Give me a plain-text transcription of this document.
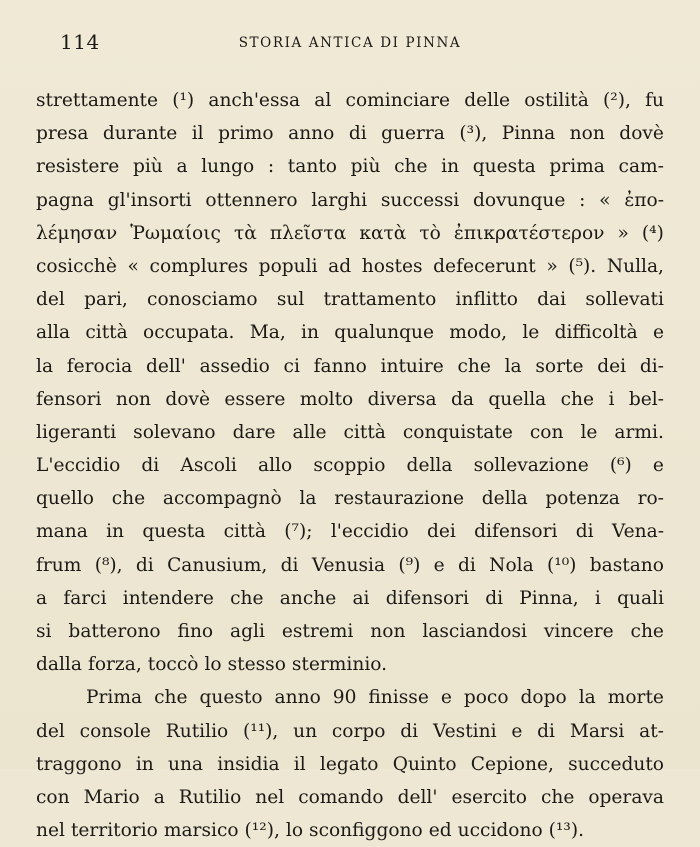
114	STORIA ANTICA DI PINNA
strettamente (¹) anch'essa al cominciare delle ostilità (²), fu
presa durante il primo anno di guerra (³), Pinna non dovè
resistere più a lungo : tanto più che in questa prima cam-
pagna gl'insorti ottennero larghi successi dovunque : « ἐπο-
λέμησαν Ῥωμαίοις τὰ πλεῖστα κατὰ τὸ ἐπικρατέστερον » (⁴)
cosicchè « complures populi ad hostes defecerunt » (⁵). Nulla,
del pari, conosciamo sul trattamento inflitto dai sollevati
alla città occupata. Ma, in qualunque modo, le difficoltà e
la ferocia dell' assedio ci fanno intuire che la sorte dei di-
fensori non dovè essere molto diversa da quella che i bel-
ligeranti solevano dare alle città conquistate con le armi.
L'eccidio di Ascoli allo scoppio della sollevazione (⁶) e
quello che accompagnò la restaurazione della potenza ro-
mana in questa città (⁷); l'eccidio dei difensori di Vena-
frum (⁸), di Canusium, di Venusia (⁹) e di Nola (¹⁰) bastano
a farci intendere che anche ai difensori di Pinna, i quali
si batterono fino agli estremi non lasciandosi vincere che
dalla forza, toccò lo stesso sterminio.
Prima che questo anno 90 finisse e poco dopo la morte
del console Rutilio (¹¹), un corpo di Vestini e di Marsi at-
traggono in una insidia il legato Quinto Cepione, succeduto
con Mario a Rutilio nel comando dell' esercito che operava
nel territorio marsico (¹²), lo sconfiggono ed uccidono (¹³).
